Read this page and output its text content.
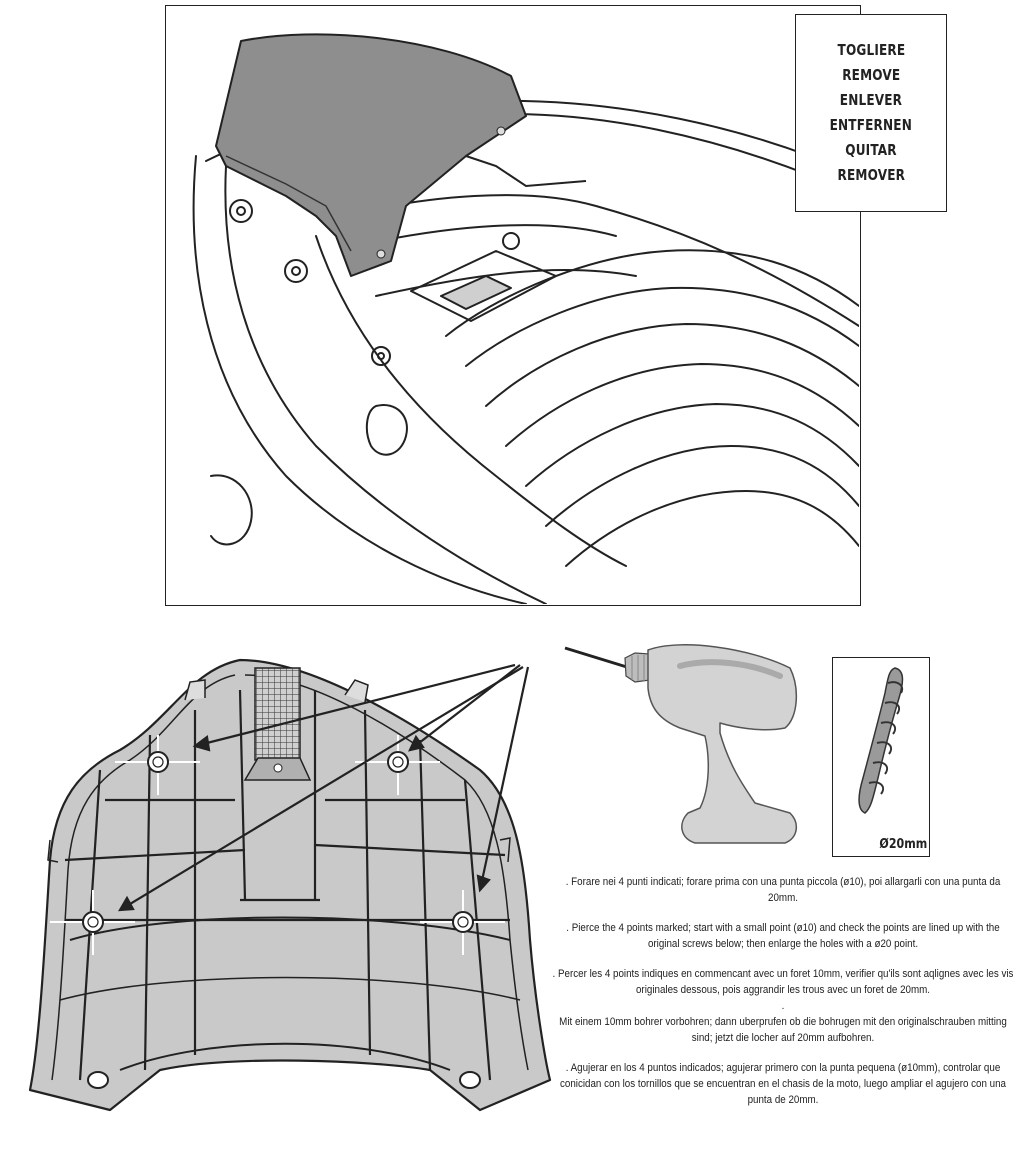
TOGLIERE
REMOVE
ENLEVER
ENTFERNEN
QUITAR
REMOVER
Ø20mm

. Forare nei 4 punti indicati; forare prima con una punta piccola (ø10), poi allargarli con una punta da 20mm.

. Pierce the 4 points marked; start with a small point (ø10) and check the points are lined up with the original screws below; then enlarge the holes with a ø20 point.

. Percer les 4 points indiques en commencant avec un foret 10mm, verifier qu'ils sont aqlignes avec les vis originales dessous, pois aggrandir les trous avec un foret de 20mm.

.

Mit einem 10mm bohrer vorbohren; dann uberprufen ob die bohrugen mit den originalschrauben mitting sind; jetzt die locher auf 20mm aufbohren.

. Agujerar en los 4 puntos indicados; agujerar primero con la punta pequena (ø10mm), controlar que conicidan con los tornillos que se encuentran en el chasis de la moto, luego ampliar el agujero con una punta de 20mm.
